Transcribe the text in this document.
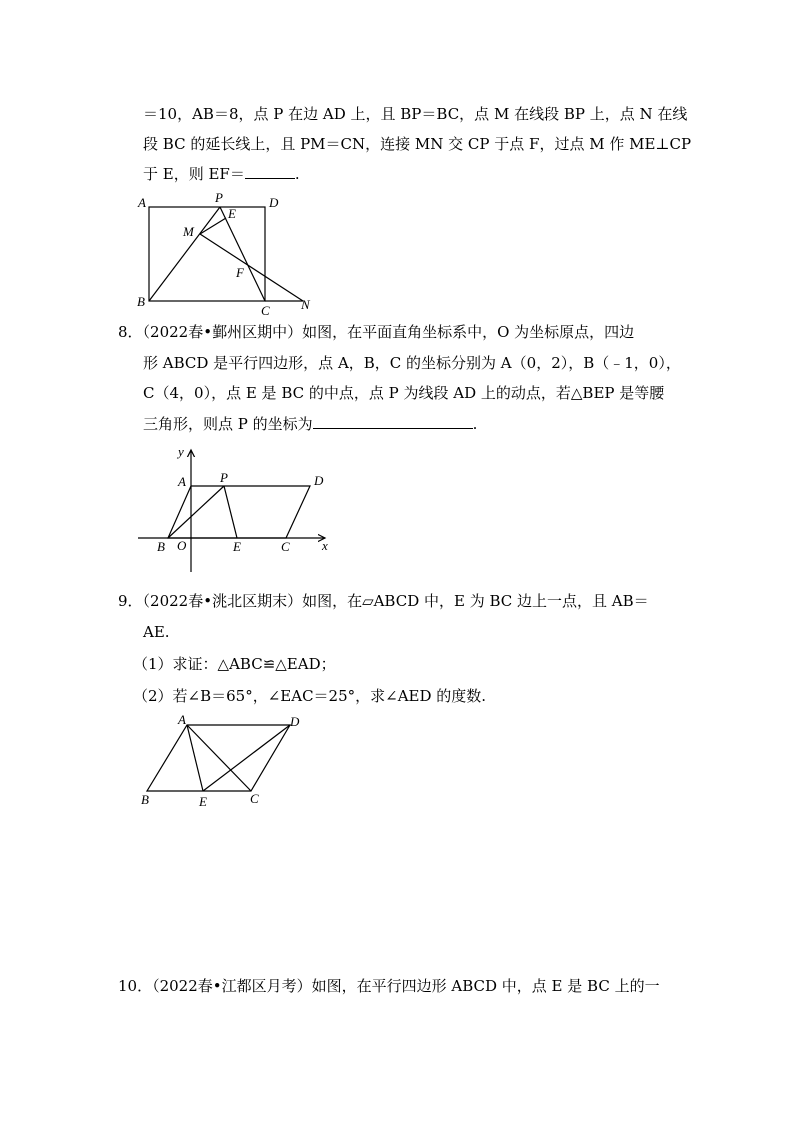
＝10，AB＝8，点 P 在边 AD 上，且 BP＝BC，点 M 在线段 BP 上，点 N 在线
段 BC 的延长线上，且 PM＝CN，连接 MN 交 CP 于点 F，过点 M 作 ME⊥CP
于 E，则 EF＝	.
A	P
E
D
M
F
B
C N
8．（2022春•鄞州区期中）如图，在平面直角坐标系中，O 为坐标原点，四边
形 ABCD 是平行四边形，点 A，B，C 的坐标分别为 A（0，2），B（﹣1，0），
C（4，0），点 E 是 BC 的中点，点 P 为线段 AD 上的动点，若△BEP 是等腰
三角形，则点 P 的坐标为	.
y
x
A	P	D
B O	E	C
9．（2022春•洮北区期末）如图，在▱ABCD 中，E 为 BC 边上一点，且 AB＝
AE.
（1）求证：△ABC≌△EAD；
（2）若∠B＝65°，∠EAC＝25°，求∠AED 的度数.
A	D
B	E	C
10．（2022春•江都区月考）如图，在平行四边形 ABCD 中，点 E 是 BC 上的一
